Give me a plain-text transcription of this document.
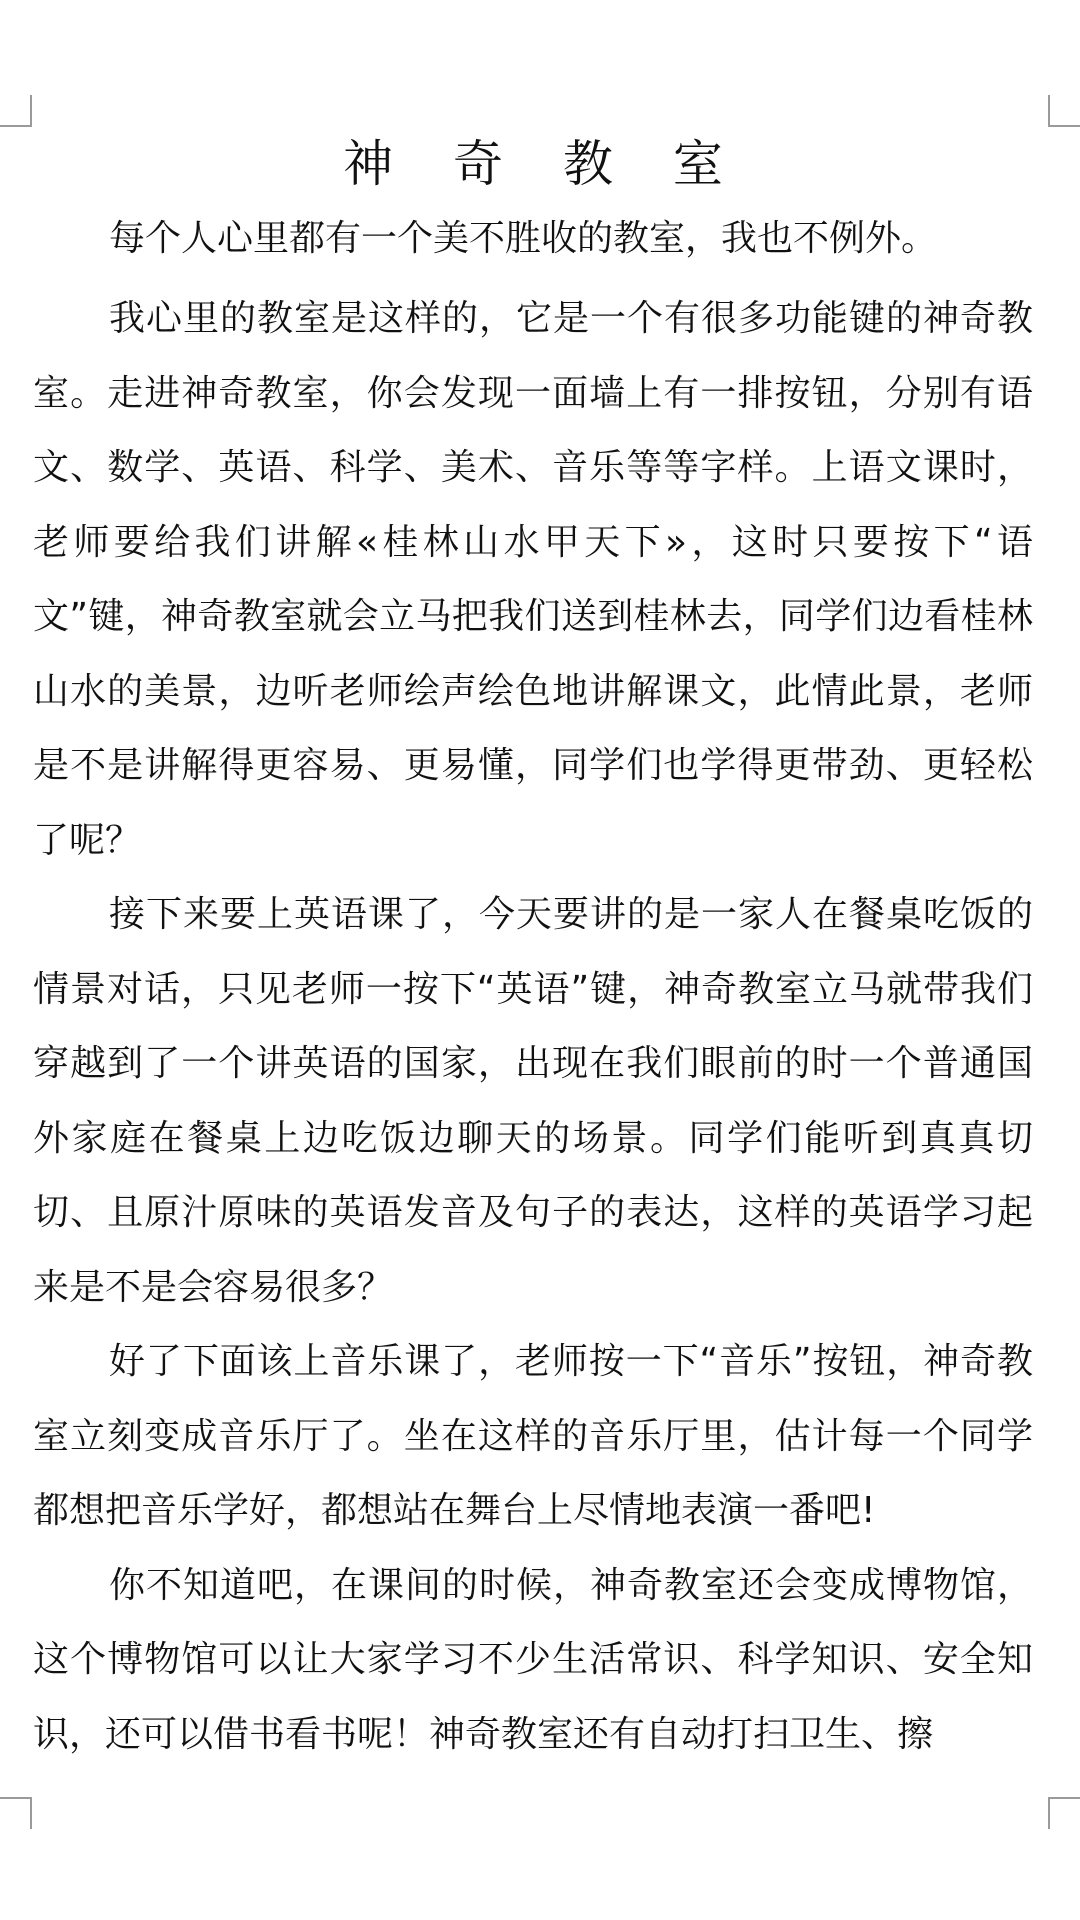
神 奇 教 室

每个人心里都有一个美不胜收的教室，我也不例外。

我心里的教室是这样的，它是一个有很多功能键的神奇教室。走进神奇教室，你会发现一面墙上有一排按钮，分别有语文、数学、英语、科学、美术、音乐等等字样。上语文课时，老师要给我们讲解«桂林山水甲天下»，这时只要按下“语文”键，神奇教室就会立马把我们送到桂林去，同学们边看桂林山水的美景，边听老师绘声绘色地讲解课文，此情此景，老师是不是讲解得更容易、更易懂，同学们也学得更带劲、更轻松了呢？

接下来要上英语课了，今天要讲的是一家人在餐桌吃饭的情景对话，只见老师一按下“英语”键，神奇教室立马就带我们穿越到了一个讲英语的国家，出现在我们眼前的时一个普通国外家庭在餐桌上边吃饭边聊天的场景。同学们能听到真真切切、且原汁原味的英语发音及句子的表达，这样的英语学习起来是不是会容易很多？

好了下面该上音乐课了，老师按一下“音乐”按钮，神奇教室立刻变成音乐厅了。坐在这样的音乐厅里，估计每一个同学都想把音乐学好，都想站在舞台上尽情地表演一番吧!

你不知道吧，在课间的时候，神奇教室还会变成博物馆，这个博物馆可以让大家学习不少生活常识、科学知识、安全知识，还可以借书看书呢！神奇教室还有自动打扫卫生、擦
